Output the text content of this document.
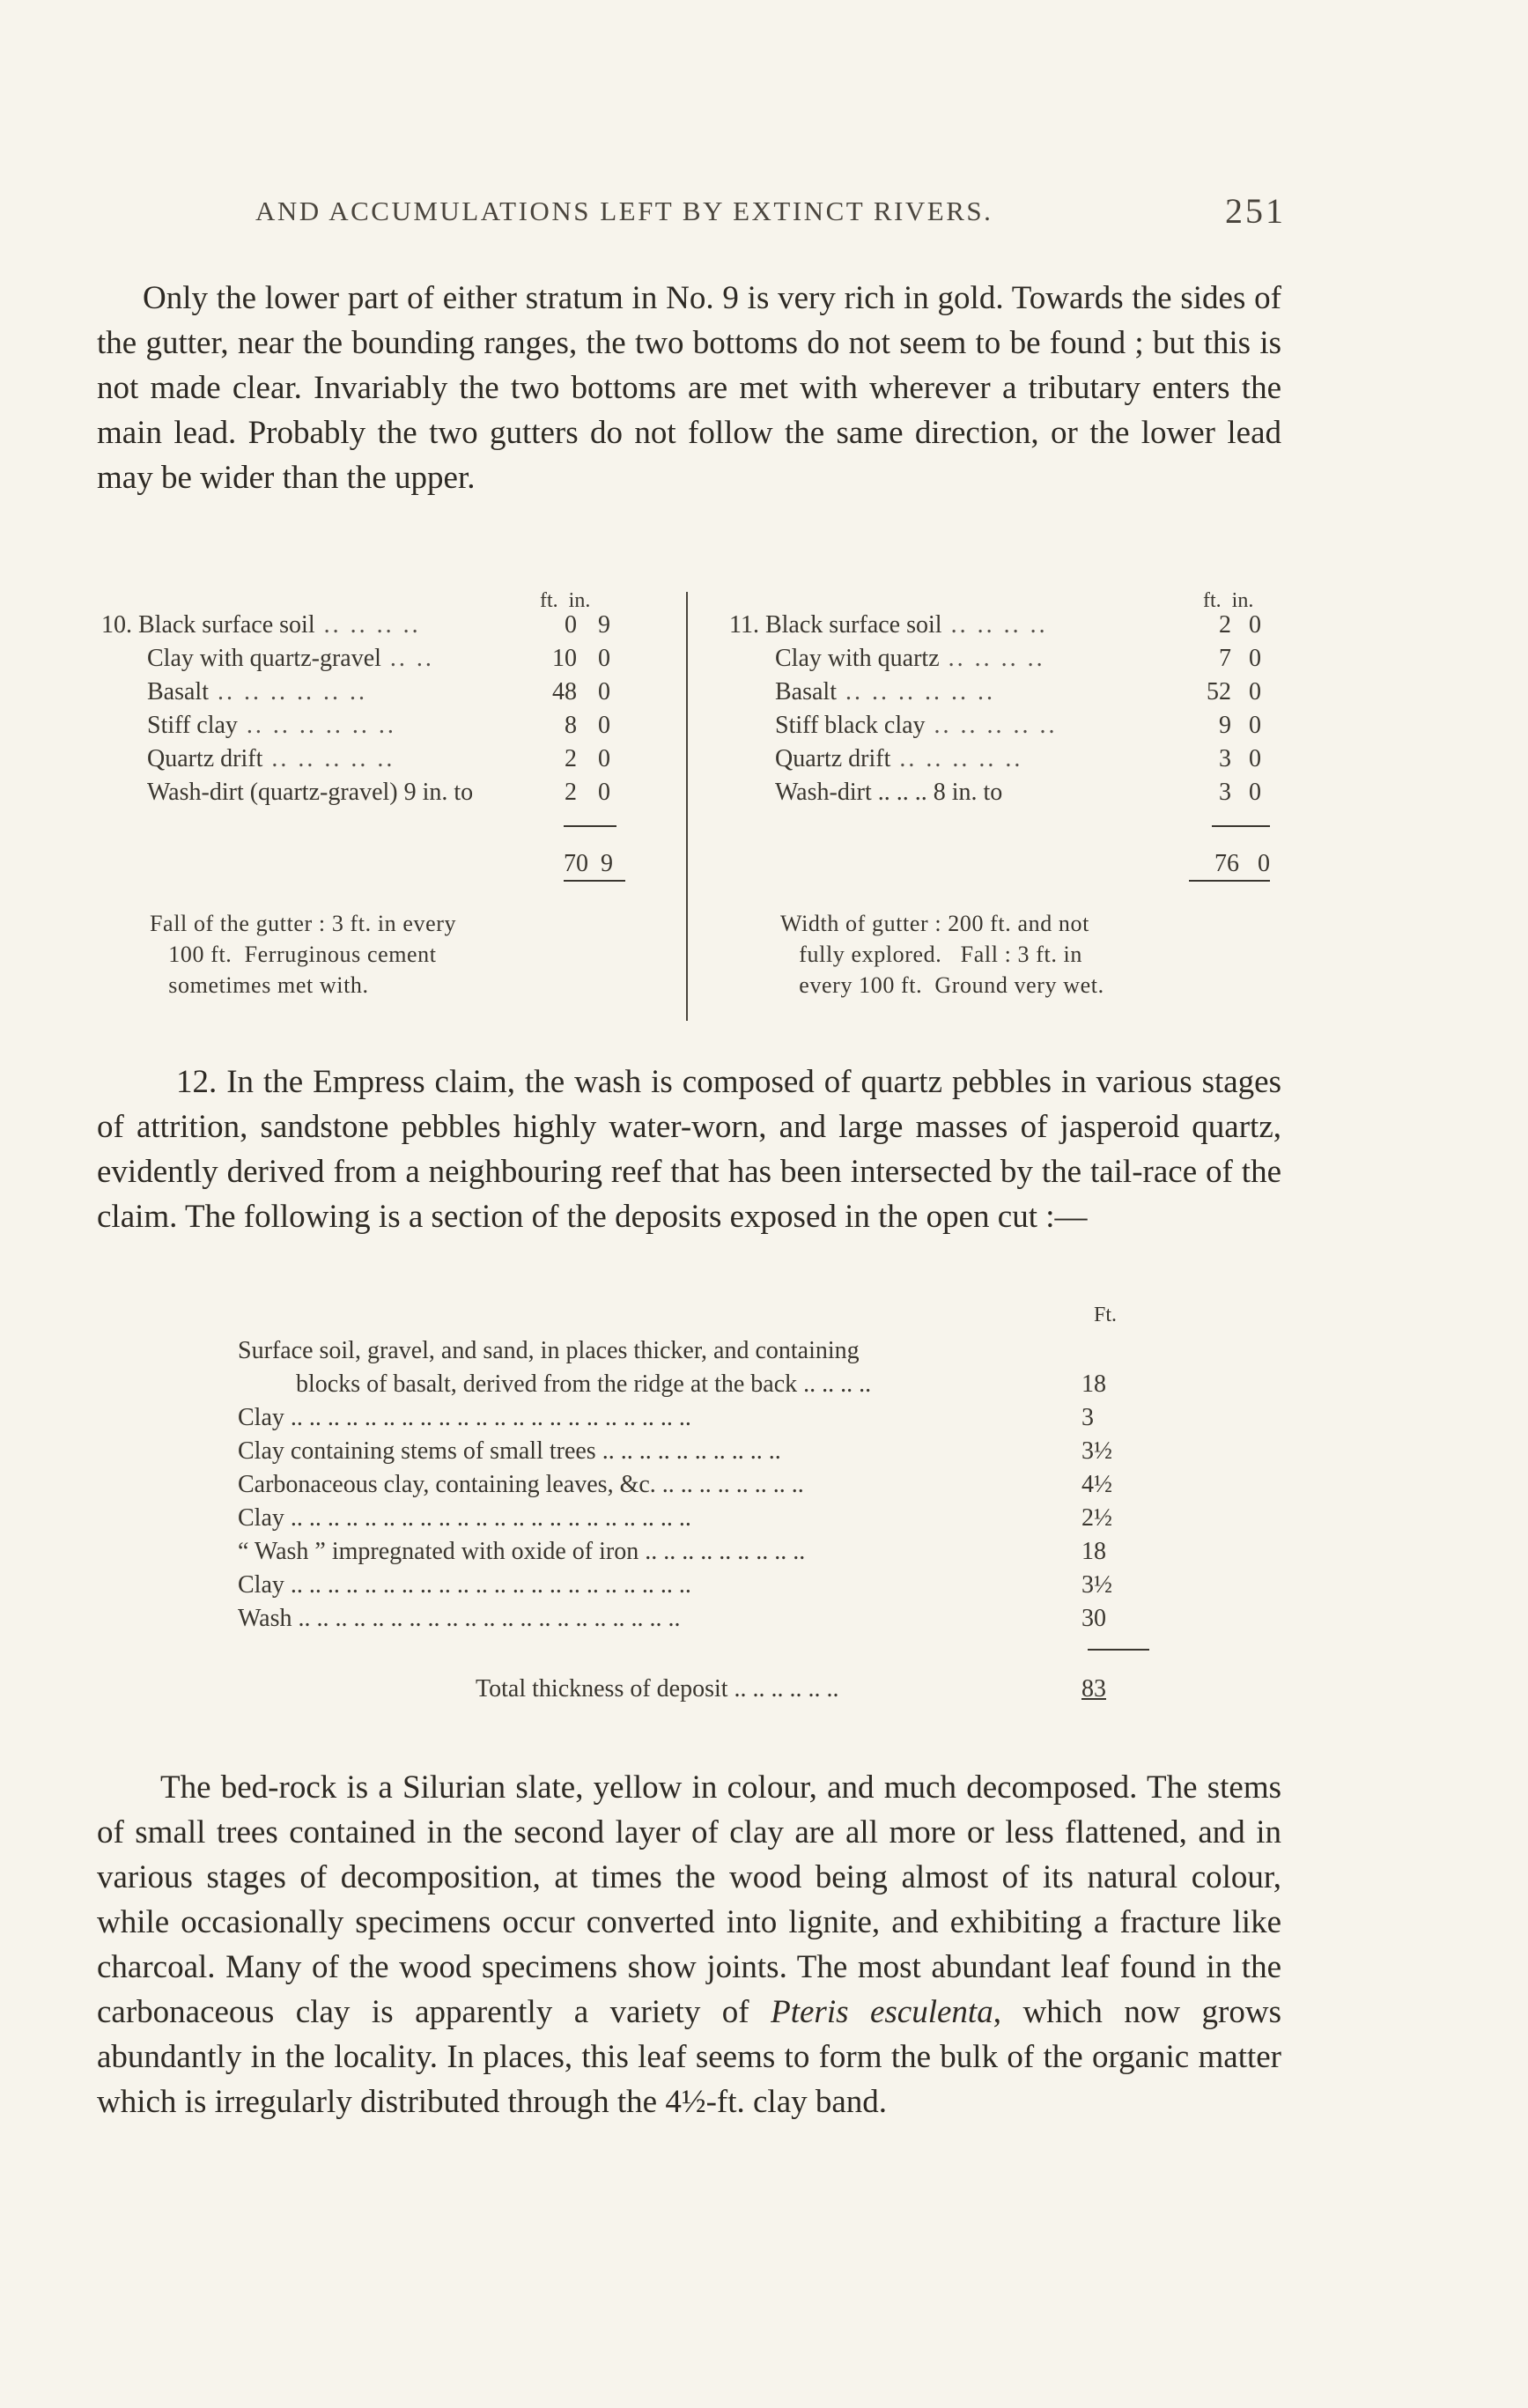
AND ACCUMULATIONS LEFT BY EXTINCT RIVERS.	251

Only the lower part of either stratum in No. 9 is very rich in gold. Towards the sides of the gutter, near the bounding ranges, the two bottoms do not seem to be found ; but this is not made clear. Invariably the two bottoms are met with wherever a tributary enters the main lead. Probably the two gutters do not follow the same direction, or the lower lead may be wider than the upper.

ft.  in.
10. Black surface soil .. .. .. ..	0 9
Clay with quartz-gravel .. ..	10 0
Basalt .. .. .. .. .. ..	48 0
Stiff clay .. .. .. .. .. ..	8 0
Quartz drift .. .. .. .. ..	2 0
Wash-dirt (quartz-gravel) 9 in. to	2 0
70 9
Fall of the gutter : 3 ft. in every
100 ft.  Ferruginous cement
sometimes met with.
ft.  in.
11. Black surface soil .. .. .. ..	2 0
Clay with quartz .. .. .. ..	7 0
Basalt .. .. .. .. .. ..	52 0
Stiff black clay .. .. .. .. ..	9 0
Quartz drift .. .. .. .. ..	3 0
Wash-dirt .. .. .. 8 in. to	3 0
76 0
Width of gutter : 200 ft. and not
fully explored.   Fall : 3 ft. in
every 100 ft.  Ground very wet.

12. In the Empress claim, the wash is composed of quartz pebbles in various stages of attrition, sandstone pebbles highly water-worn, and large masses of jasperoid quartz, evidently derived from a neighbouring reef that has been intersected by the tail-race of the claim. The following is a section of the deposits exposed in the open cut :—

Ft.
Surface soil, gravel, and sand, in places thicker, and containing
blocks of basalt, derived from the ridge at the back .. .. .. ..	18
Clay .. .. .. .. .. .. .. .. .. .. .. .. .. .. .. .. .. .. .. .. .. ..	3
Clay containing stems of small trees .. .. .. .. .. .. .. .. .. ..	3½
Carbonaceous clay, containing leaves, &c. .. .. .. .. .. .. .. ..	4½
Clay .. .. .. .. .. .. .. .. .. .. .. .. .. .. .. .. .. .. .. .. .. ..	2½
“ Wash ” impregnated with oxide of iron .. .. .. .. .. .. .. .. ..	18
Clay .. .. .. .. .. .. .. .. .. .. .. .. .. .. .. .. .. .. .. .. .. ..	3½
Wash .. .. .. .. .. .. .. .. .. .. .. .. .. .. .. .. .. .. .. .. ..	30
Total thickness of deposit .. .. .. .. .. ..	83

The bed-rock is a Silurian slate, yellow in colour, and much decomposed. The stems of small trees contained in the second layer of clay are all more or less flattened, and in various stages of decomposition, at times the wood being almost of its natural colour, while occasionally specimens occur converted into lignite, and exhibiting a fracture like charcoal. Many of the wood specimens show joints. The most abundant leaf found in the carbonaceous clay is apparently a variety of Pteris esculenta, which now grows abundantly in the locality. In places, this leaf seems to form the bulk of the organic matter which is irregularly distributed through the 4½-ft. clay band.
